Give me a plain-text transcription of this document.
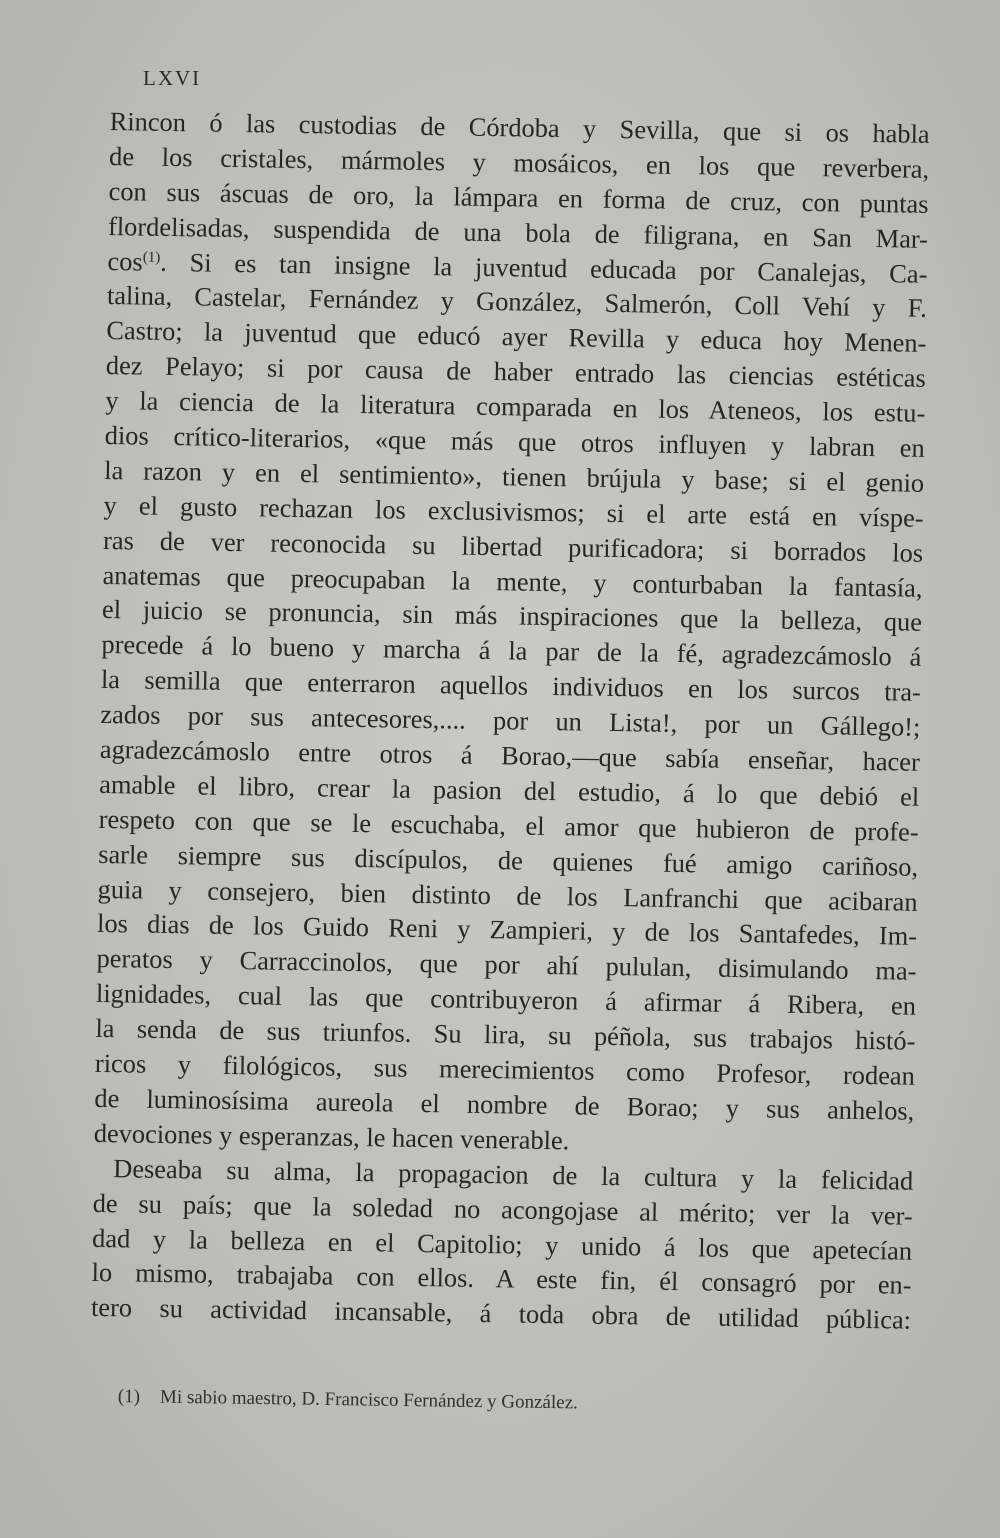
LXVI
Rincon ó las custodias de Córdoba y Sevilla, que si os habla
de los cristales, mármoles y mosáicos, en los que reverbera,
con sus áscuas de oro, la lámpara en forma de cruz, con puntas
flordelisadas, suspendida de una bola de filigrana, en San Mar-
cos$^{(1)}$. Si es tan insigne la juventud educada por Canalejas, Ca-
talina, Castelar, Fernández y González, Salmerón, Coll Vehí y F.
Castro; la juventud que educó ayer Revilla y educa hoy Menen-
dez Pelayo; si por causa de haber entrado las ciencias estéticas
y la ciencia de la literatura comparada en los Ateneos, los estu-
dios crítico-literarios, «que más que otros influyen y labran en
la razon y en el sentimiento», tienen brújula y base; si el genio
y el gusto rechazan los exclusivismos; si el arte está en víspe-
ras de ver reconocida su libertad purificadora; si borrados los
anatemas que preocupaban la mente, y conturbaban la fantasía,
el juicio se pronuncia, sin más inspiraciones que la belleza, que
precede á lo bueno y marcha á la par de la fé, agradezcámoslo á
la semilla que enterraron aquellos individuos en los surcos tra-
zados por sus antecesores,.... por un Lista!, por un Gállego!;
agradezcámoslo entre otros á Borao,—que sabía enseñar, hacer
amable el libro, crear la pasion del estudio, á lo que debió el
respeto con que se le escuchaba, el amor que hubieron de profe-
sarle siempre sus discípulos, de quienes fué amigo cariñoso,
guia y consejero, bien distinto de los Lanfranchi que acibaran
los dias de los Guido Reni y Zampieri, y de los Santafedes, Im-
peratos y Carraccinolos, que por ahí pululan, disimulando ma-
lignidades, cual las que contribuyeron á afirmar á Ribera, en
la senda de sus triunfos. Su lira, su péñola, sus trabajos histó-
ricos y filológicos, sus merecimientos como Profesor, rodean
de luminosísima aureola el nombre de Borao; y sus anhelos,
devociones y esperanzas, le hacen venerable.
Deseaba su alma, la propagacion de la cultura y la felicidad
de su país; que la soledad no acongojase al mérito; ver la ver-
dad y la belleza en el Capitolio; y unido á los que apetecían
lo mismo, trabajaba con ellos. A este fin, él consagró por en-
tero su actividad incansable, á toda obra de utilidad pública:
(1) Mi sabio maestro, D. Francisco Fernández y González.
